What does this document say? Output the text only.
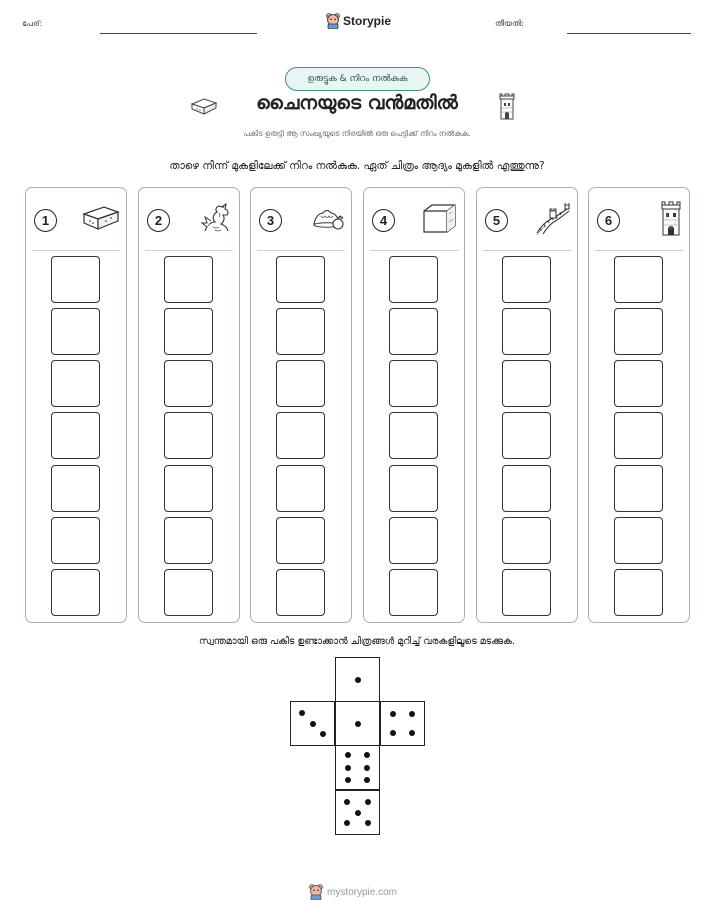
പേര്:	Storypie	തീയതി:
ഉരുട്ടുക & നിറം നൽകുക
ചൈനയുടെ വൻമതിൽ
പകിട ഉരുട്ടി ആ സംഖ്യയുടെ നിരയിൽ ഒരു പെട്ടിക്ക് നിറം നൽകുക.
താഴെ നിന്ന് മുകളിലേക്ക് നിറം നൽകുക. ഏത് ചിത്രം ആദ്യം മുകളിൽ എത്തുന്നു?
1	2	3	4	5	6
സ്വന്തമായി ഒരു പകിട ഉണ്ടാക്കാൻ ചിത്രങ്ങൾ മുറിച്ച് വരകളിലൂടെ മടക്കുക.
mystorypie.com
